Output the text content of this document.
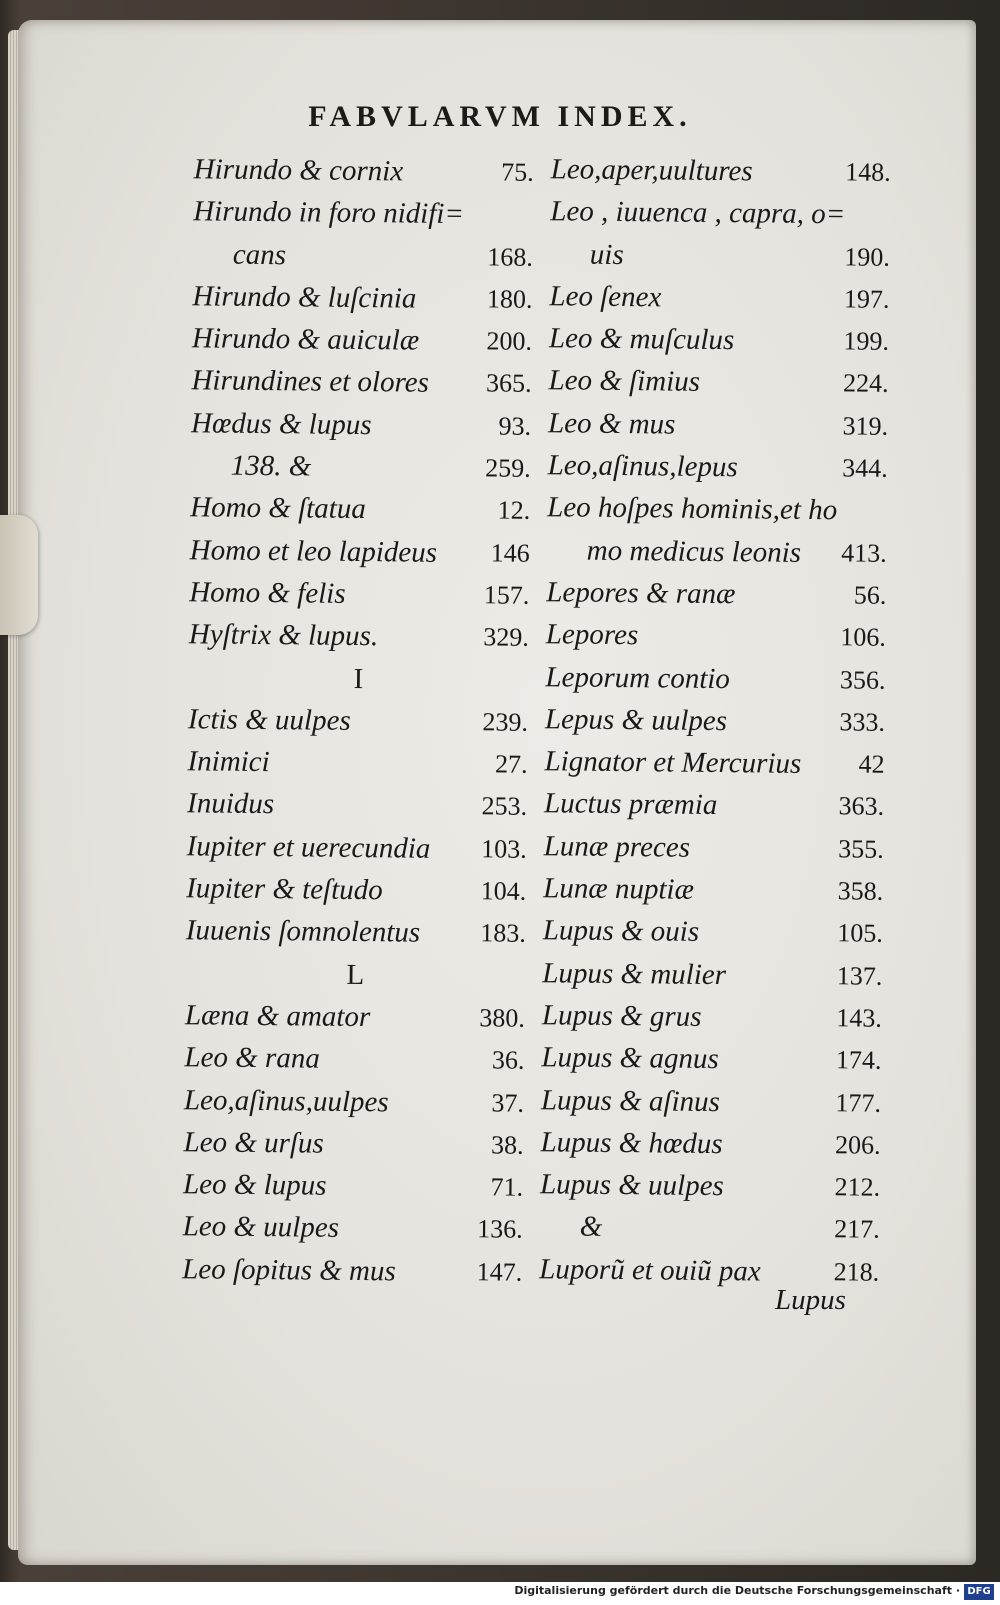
FABVLARVM INDEX.
Hirundo & cornix	75.
Hirundo in foro nidifi=
cans	168.
Hirundo & luſcinia	180.
Hirundo & auiculæ	200.
Hirundines et olores 365.
Hœdus & lupus	93.
138. &	259.
Homo & ſtatua	12.
Homo et leo lapideus 146
Homo & felis	157.
Hyſtrix & lupus.	329.
I
Ictis & uulpes	239.
Inimici	27.
Inuidus	253.
Iupiter et uerecundia 103.
Iupiter & teſtudo	104.
Iuuenis ſomnolentus 183.
L
Læna & amator	380.
Leo & rana	36.
Leo,aſinus,uulpes	37.
Leo & urſus	38.
Leo & lupus	71.
Leo & uulpes	136.
Leo ſopitus & mus	147.
Leo,aper,uultures	148.
Leo , iuuenca , capra, o=
uis	190.
Leo ſenex	197.
Leo & muſculus	199.
Leo & ſimius	224.
Leo & mus	319.
Leo,aſinus,lepus	344.
Leo hoſpes hominis,et ho
mo medicus leonis 413.
Lepores & ranæ	56.
Lepores	106.
Leporum contio	356.
Lepus & uulpes	333.
Lignator et Mercurius 42
Luctus præmia	363.
Lunæ preces	355.
Lunæ nuptiæ	358.
Lupus & ouis	105.
Lupus & mulier	137.
Lupus & grus	143.
Lupus & agnus	174.
Lupus & aſinus	177.
Lupus & hœdus	206.
Lupus & uulpes	212.
&	217.
Luporũ et ouiũ pax	218.
Lupus
Digitalisierung gefördert durch die Deutsche Forschungsgemeinschaft · DFG
